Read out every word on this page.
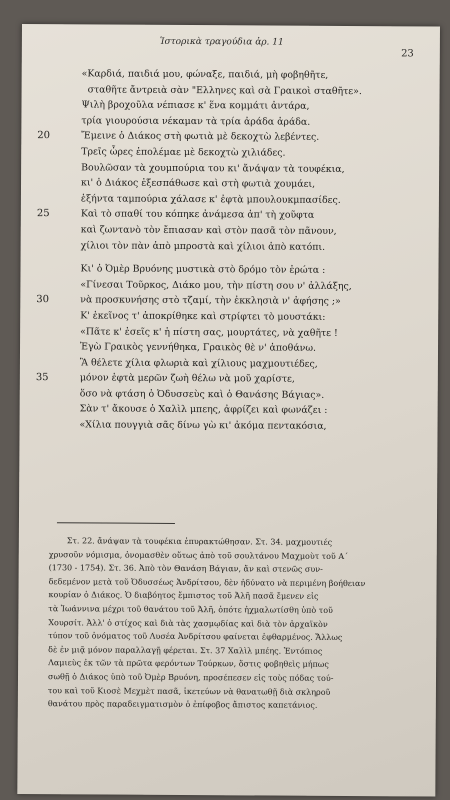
Ἱστορικὰ τραγούδια ἀρ. 11
23
«Καρδιά, παιδιά μου, φώναξε, παιδιά, μὴ φοβηθῆτε,
σταθῆτε ἄντρειὰ σὰν "Ελληνες καὶ σὰ Γραικοὶ σταθῆτε».
Ψιλὴ βροχοῦλα νέπιασε κ' ἕνα κομμάτι ἀντάρα,
τρία γιουρούσια νέκαμαν τὰ τρία ἀράδα ἀράδα.
20	Ἔμεινε ὁ Διάκος στὴ φωτιὰ μὲ δεκοχτὼ λεβέντες.
Τρεῖς ὧρες ἐπολέμαε μὲ δεκοχτὼ χιλιάδες.
Βουλῶσαν τὰ χουμπούρια του κι' ἄνάψαν τὰ τουφέκια,
κι' ὁ Διάκος ἐξεσπάθωσε καὶ στὴ φωτιὰ χουμάει,
ἑξήντα ταμπούρια χάλασε κ' ἐφτὰ μπουλουκμπασίδες.
25	Καὶ τὸ σπαθί του κόπηκε ἀνάμεσα ἀπ' τὴ χοῦφτα
καὶ ζωντανὸ τὸν ἔπιασαν καὶ στὸν πασᾶ τὸν πᾶνουν,
χίλιοι τὸν πὰν ἀπὸ μπροστὰ καὶ χίλιοι ἀπὸ κατόπι.
Κι' ὁ Ὀμὲρ Βρυόνης μυστικὰ στὸ δρόμο τὸν ἐρώτα :
«Γίνεσαι Τοῦρκος, Διάκο μου, τὴν πίστη σου ν' ἀλλάξης,
30	νὰ προσκυνήσης στὸ τζαμί, τὴν ἐκκλησιὰ ν' ἀφήσης ;»
Κ' ἐκεῖνος τ' ἀποκρίθηκε καὶ στρίφτει τὸ μουστάκι:
«Πᾶτε κ' ἐσεῖς κ' ἡ πίστη σας, μουρτάτες, νὰ χαθῆτε !
Ἐγὼ Γραικὸς γεννήθηκα, Γραικὸς θὲ ν' ἀποθάνω.
Ἂ θέλετε χίλια φλωριὰ καὶ χίλιους μαχμουτιέδες,
35	μόνον ἐφτὰ μερῶν ζωὴ θέλω νὰ μοῦ χαρίστε,
ὅσο νὰ φτάση ὁ Ὀδυσσεὺς καὶ ὁ Θανάσης Βάγιας».
Σὰν τ' ἄκουσε ὁ Χαλὶλ μπεης, ἀφρίζει καὶ φωνάζει :
«Χίλια πουγγιὰ σᾶς δίνω γὼ κι' ἀκόμα πεντακόσια,
Στ. 22. ἄνάψαν τὰ τουφέκια ἐπυρακτώθησαν. Στ. 34. μαχμουτιές
χρυσοῦν νόμισμα, ὀνομασθὲν οὕτως ἀπὸ τοῦ σουλτάνου Μαχμοὺτ τοῦ Α΄
(1730 - 1754). Στ. 36. Ἀπὸ τὸν Θανάση Βάγιαν, ἄν καὶ στενῶς συν-
δεδεμένον μετὰ τοῦ Ὀδυσσέως Ἀνδρίτσου, δὲν ἠδύνατο νὰ περιμένη βοήθειαν
κουρίαν ὁ Διάκος. Ὁ διαβόητος ἔμπιστος τοῦ Ἀλῆ πασᾶ ἔμενεν εἰς
τὰ Ἰωάννινα μέχρι τοῦ θανάτου τοῦ Ἀλῆ, ὁπότε ἠχμαλωτίσθη ὑπὸ τοῦ
Χουρσίτ. Ἀλλ' ὁ στίχος καὶ διὰ τὰς χασμῳδίας καὶ διὰ τὸν ἀρχαϊκὸν
τύπον τοῦ ὀνόματος τοῦ Λυσέα Ἀνδρίτσου φαίνεται ἐφθαρμένος. Ἄλλως
δὲ ἐν μιᾷ μόνον παραλλαγῇ φέρεται. Στ. 37 Χαλὶλ μπέης. Ἐντόπιος
Λαμιεὺς ἐκ τῶν τὰ πρῶτα φερόντων Τούρκων, ὅστις φοβηθεὶς μήπως
σωθῇ ὁ Διάκος ὑπὸ τοῦ Ὀμὲρ Βρυόνη, προσέπεσεν εἰς τοὺς πόδας τού-
του καὶ τοῦ Κιοσὲ Μεχμὲτ πασᾶ, ἱκετεύων νὰ θανατωθῇ διὰ σκληροῦ
θανάτου πρὸς παραδειγματισμὸν ὁ ἐπίφοβος ἄπιστος καπετάνιος.
